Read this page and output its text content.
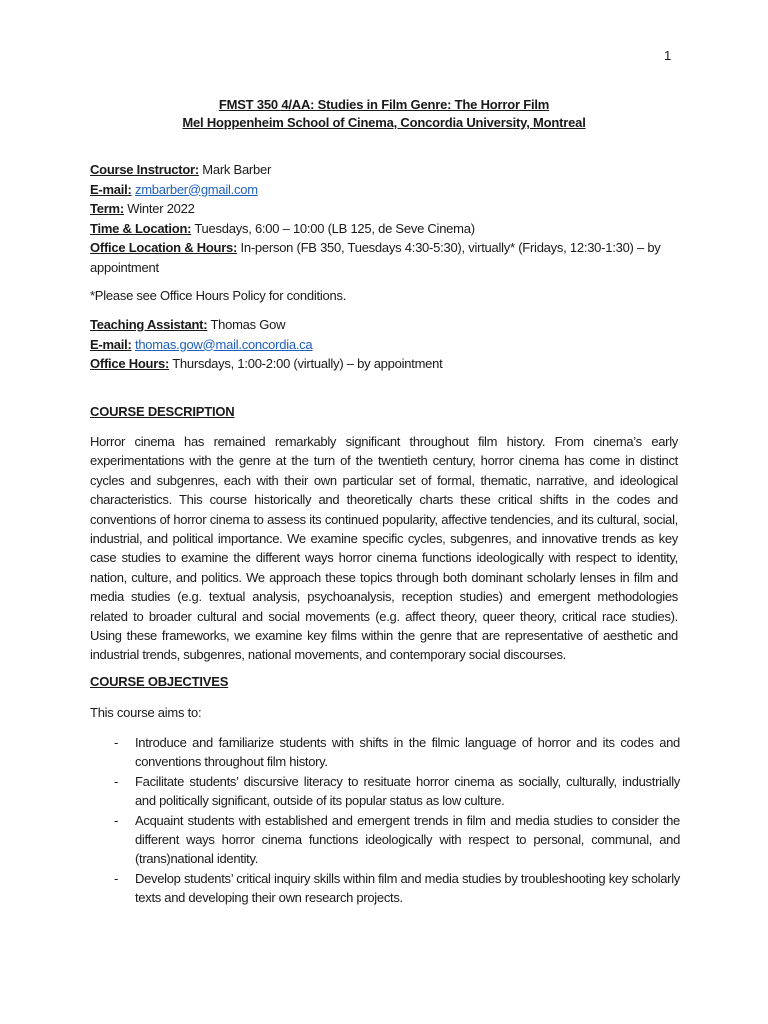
1
FMST 350 4/AA: Studies in Film Genre: The Horror Film
Mel Hoppenheim School of Cinema, Concordia University, Montreal
Course Instructor: Mark Barber
E-mail: zmbarber@gmail.com
Term: Winter 2022
Time & Location: Tuesdays, 6:00 – 10:00 (LB 125, de Seve Cinema)
Office Location & Hours: In-person (FB 350, Tuesdays 4:30-5:30), virtually* (Fridays, 12:30-1:30) – by
appointment
*Please see Office Hours Policy for conditions.
Teaching Assistant: Thomas Gow
E-mail: thomas.gow@mail.concordia.ca
Office Hours: Thursdays, 1:00-2:00 (virtually) – by appointment
COURSE DESCRIPTION
Horror cinema has remained remarkably significant throughout film history. From cinema’s early experimentations with the genre at the turn of the twentieth century, horror cinema has come in distinct cycles and subgenres, each with their own particular set of formal, thematic, narrative, and ideological characteristics. This course historically and theoretically charts these critical shifts in the codes and conventions of horror cinema to assess its continued popularity, affective tendencies, and its cultural, social, industrial, and political importance. We examine specific cycles, subgenres, and innovative trends as key case studies to examine the different ways horror cinema functions ideologically with respect to identity, nation, culture, and politics. We approach these topics through both dominant scholarly lenses in film and media studies (e.g. textual analysis, psychoanalysis, reception studies) and emergent methodologies related to broader cultural and social movements (e.g. affect theory, queer theory, critical race studies). Using these frameworks, we examine key films within the genre that are representative of aesthetic and industrial trends, subgenres, national movements, and contemporary social discourses.
COURSE OBJECTIVES
This course aims to:
- Introduce and familiarize students with shifts in the filmic language of horror and its codes and conventions throughout film history.
- Facilitate students’ discursive literacy to resituate horror cinema as socially, culturally, industrially and politically significant, outside of its popular status as low culture.
- Acquaint students with established and emergent trends in film and media studies to consider the different ways horror cinema functions ideologically with respect to personal, communal, and (trans)national identity.
- Develop students’ critical inquiry skills within film and media studies by troubleshooting key scholarly texts and developing their own research projects.
